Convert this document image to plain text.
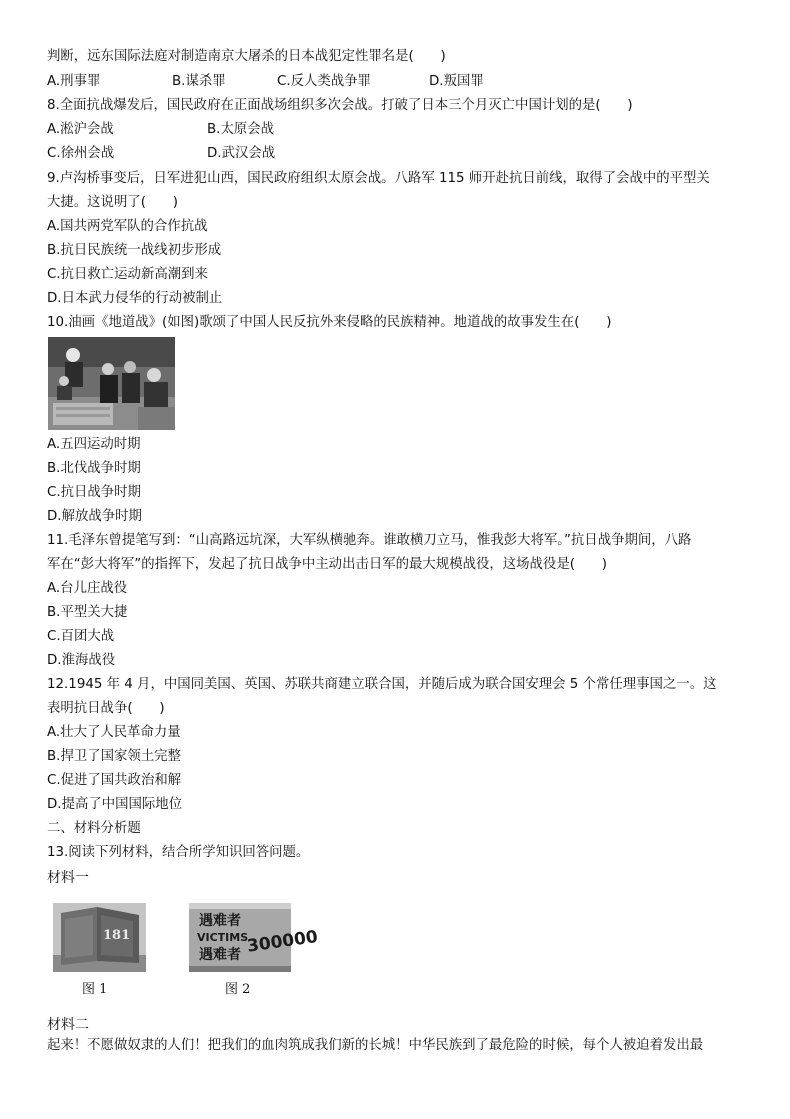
判断，远东国际法庭对制造南京大屠杀的日本战犯定性罪名是(　　)
A.刑事罪	B.谋杀罪	C.反人类战争罪	D.叛国罪
8.全面抗战爆发后，国民政府在正面战场组织多次会战。打破了日本三个月灭亡中国计划的是(　　)
A.淞沪会战	B.太原会战
C.徐州会战	D.武汉会战
9.卢沟桥事变后，日军进犯山西，国民政府组织太原会战。八路军 115 师开赴抗日前线，取得了会战中的平型关
大捷。这说明了(　　)
A.国共两党军队的合作抗战
B.抗日民族统一战线初步形成
C.抗日救亡运动新高潮到来
D.日本武力侵华的行动被制止
10.油画《地道战》(如图)歌颂了中国人民反抗外来侵略的民族精神。地道战的故事发生在(　　)
A.五四运动时期
B.北伐战争时期
C.抗日战争时期
D.解放战争时期
11.毛泽东曾提笔写到：“山高路远坑深，大军纵横驰奔。谁敢横刀立马，惟我彭大将军。”抗日战争期间，八路
军在“彭大将军”的指挥下，发起了抗日战争中主动出击日军的最大规模战役，这场战役是(　　)
A.台儿庄战役
B.平型关大捷
C.百团大战
D.淮海战役
12.1945 年 4 月，中国同美国、英国、苏联共商建立联合国，并随后成为联合国安理会 5 个常任理事国之一。这
表明抗日战争(　　)
A.壮大了人民革命力量
B.捍卫了国家领土完整
C.促进了国共政治和解
D.提高了中国国际地位
二、材料分析题
13.阅读下列材料，结合所学知识回答问题。
材料一
181
图 1
遇难者
VICTIMS
遇难者 300000
图 2
材料二
起来！不愿做奴隶的人们！把我们的血肉筑成我们新的长城！中华民族到了最危险的时候，每个人被迫着发出最
